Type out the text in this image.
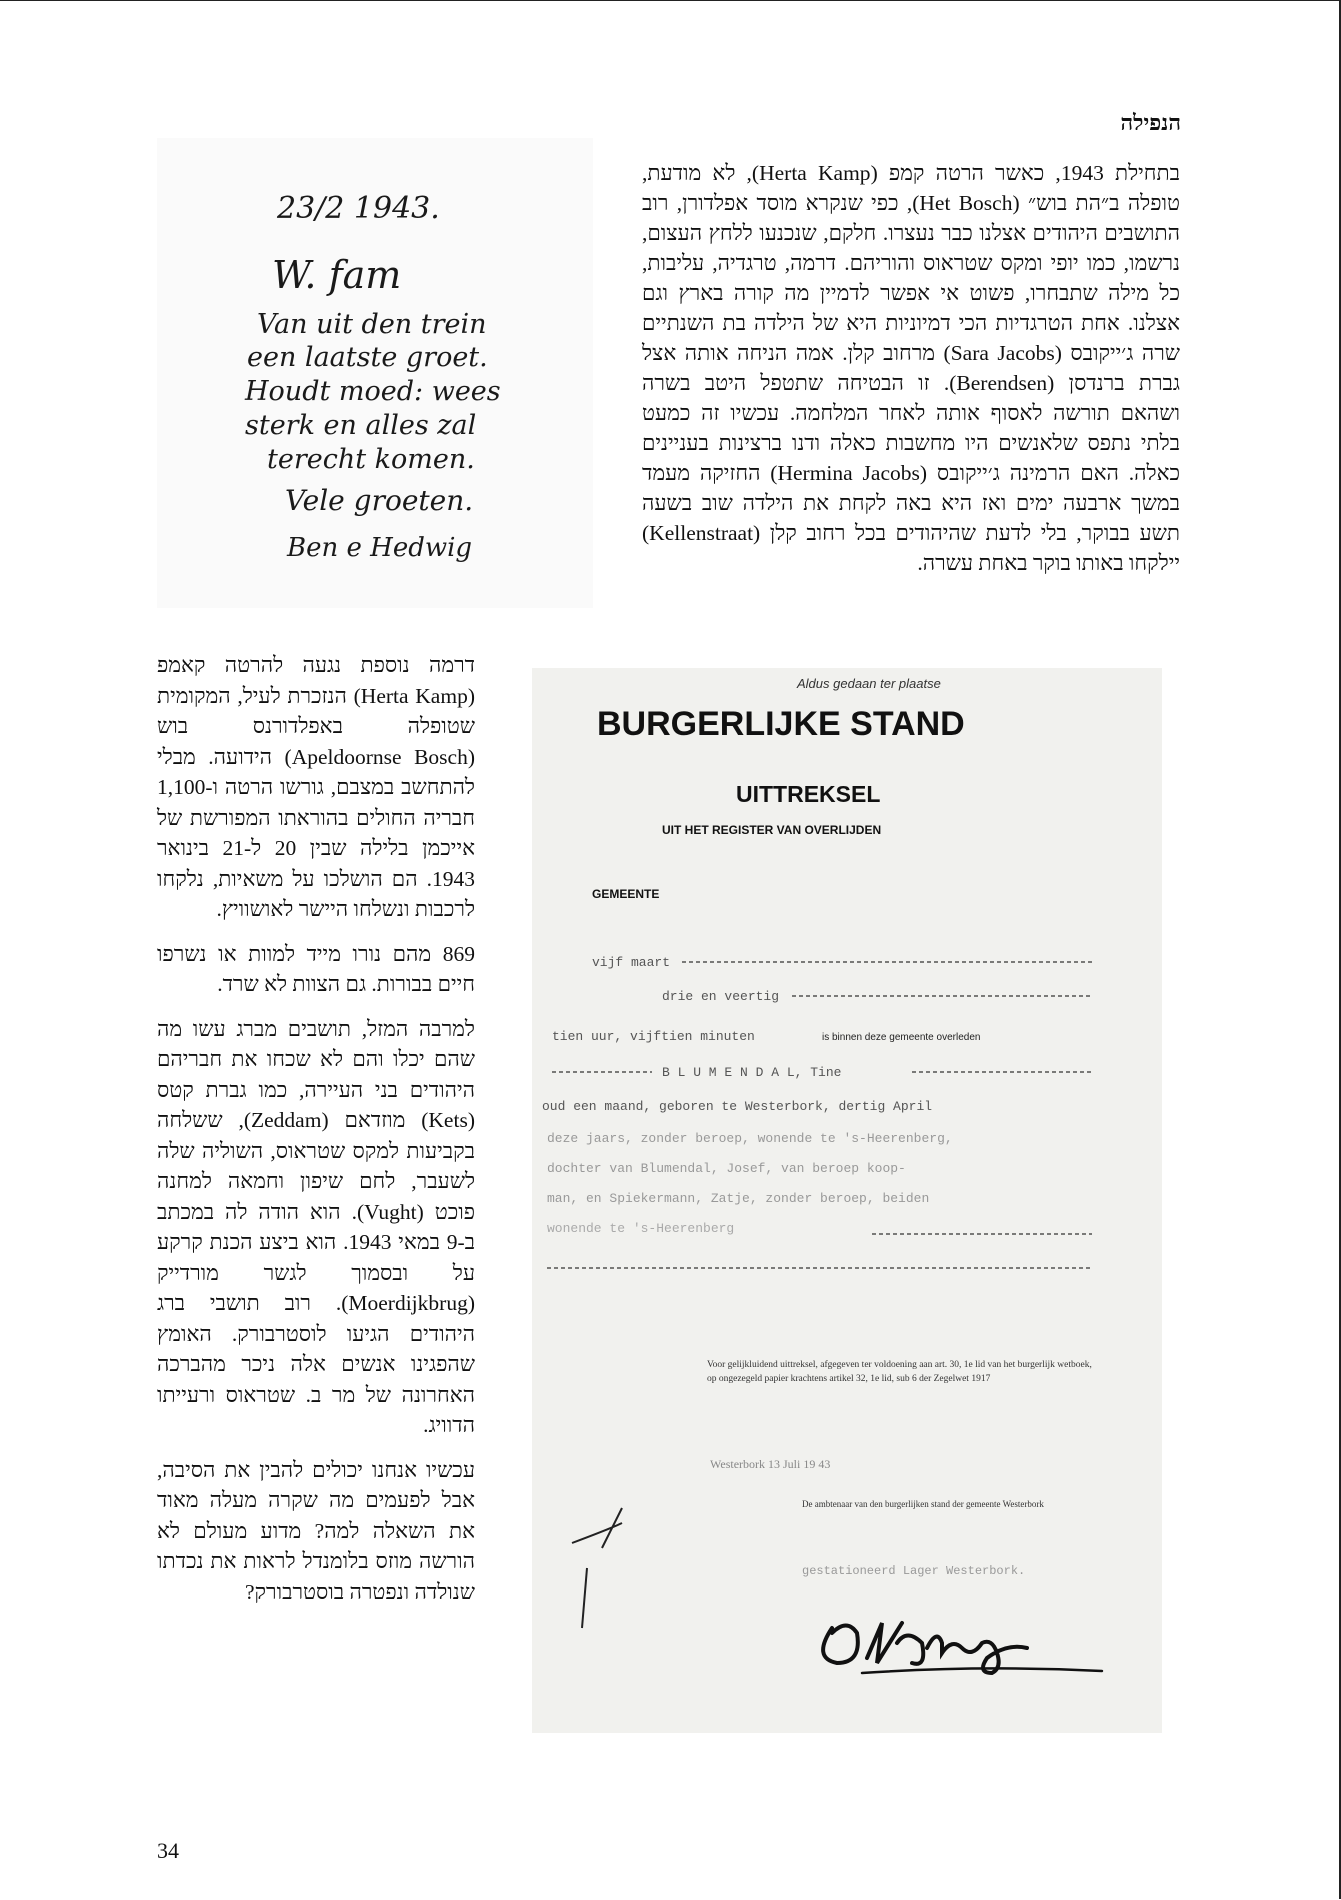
הנפילה
23/2 1943.
W. fam
Van uit den trein
een laatste groet.
Houdt moed: wees
sterk en alles zal
terecht komen.
Vele groeten.
Ben e Hedwig
בתחילת 1943, כאשר הרטה קמפ (Herta Kamp), לא מודעת, טופלה ב״הת בוש״ (Het Bosch), כפי שנקרא מוסד אפלדורן, רוב התושבים היהודים אצלנו כבר נעצרו. חלקם, שנכנעו ללחץ העצום, נרשמו, כמו יופי ומקס שטראוס והוריהם. דרמה, טרגדיה, עליבות, כל מילה שתבחרו, פשוט אי אפשר לדמיין מה קורה בארץ וגם אצלנו. אחת הטרגדיות הכי דמיוניות היא של הילדה בת השנתיים שרה ג׳ייקובס (Sara Jacobs) מרחוב קלן. אמה הניחה אותה אצל גברת ברנדסן (Berendsen). זו הבטיחה שתטפל היטב בשרה ושהאם תורשה לאסוף אותה לאחר המלחמה. עכשיו זה כמעט בלתי נתפס שלאנשים היו מחשבות כאלה ודנו ברצינות בעניינים כאלה. האם הרמינה ג׳ייקובס (Hermina Jacobs) החזיקה מעמד במשך ארבעה ימים ואז היא באה לקחת את הילדה שוב בשעה תשע בבוקר, בלי לדעת שהיהודים בכל רחוב קלן (Kellenstraat) יילקחו באותו בוקר באחת עשרה.

דרמה נוספת נגעה להרטה קאמפ (Herta Kamp) הנזכרת לעיל, המקומית שטופלה באפלדורנס בוש (Apeldoornse Bosch) הידועה. מבלי להתחשב במצבם, גורשו הרטה ו-1,100 חבריה החולים בהוראתו המפורשת של אייכמן בלילה שבין 20 ל-21 בינואר 1943. הם הושלכו על משאיות, נלקחו לרכבות ונשלחו היישר לאושוויץ.

869 מהם נורו מייד למוות או נשרפו חיים בבורות. גם הצוות לא שרד.

למרבה המזל, תושבים מברג עשו מה שהם יכלו והם לא שכחו את חבריהם היהודים בני העיירה, כמו גברת קטס (Kets) מוזדאם (Zeddam), ששלחה בקביעות למקס שטראוס, השוליה שלה לשעבר, לחם שיפון וחמאה למחנה פוכט (Vught). הוא הודה לה במכתב ב-9 במאי 1943. הוא ביצע הכנת קרקע על ובסמוך לגשר מורדייק (Moerdijkbrug). רוב תושבי ברג היהודים הגיעו לוסטרבורק. האומץ שהפגינו אנשים אלה ניכר מהברכה האחרונה של מר ב. שטראוס ורעייתו הדוויג.

עכשיו אנחנו יכולים להבין את הסיבה, אבל לפעמים מה שקרה מעלה מאוד את השאלה למה? מדוע מעולם לא הורשה מוזס בלומנדל לראות את נכדתו שנולדה ונפטרה בוסטרבורק?

Aldus gedaan ter plaatse
BURGERLIJKE STAND
UITTREKSEL
UIT HET REGISTER VAN OVERLIJDEN
GEMEENTE
vijf maart
drie en veertig
tien uur, vijftien minuten	is binnen deze gemeente overleden
B L U M E N D A L, Tine
oud een maand, geboren te Westerbork, dertig April
deze jaars, zonder beroep, wonende te 's-Heerenberg,
dochter van Blumendal, Josef, van beroep koop-
man, en Spiekermann, Zatje, zonder beroep, beiden
wonende te 's-Heerenberg
Voor gelijkluidend uittreksel, afgegeven ter voldoening aan art. 30, 1e lid van het burgerlijk wetboek, op ongezegeld papier krachtens artikel 32, 1e lid, sub 6 der Zegelwet 1917
Westerbork 13 Juli 19 43
De ambtenaar van den burgerlijken stand der gemeente Westerbork
gestationeerd Lager Westerbork.
34
